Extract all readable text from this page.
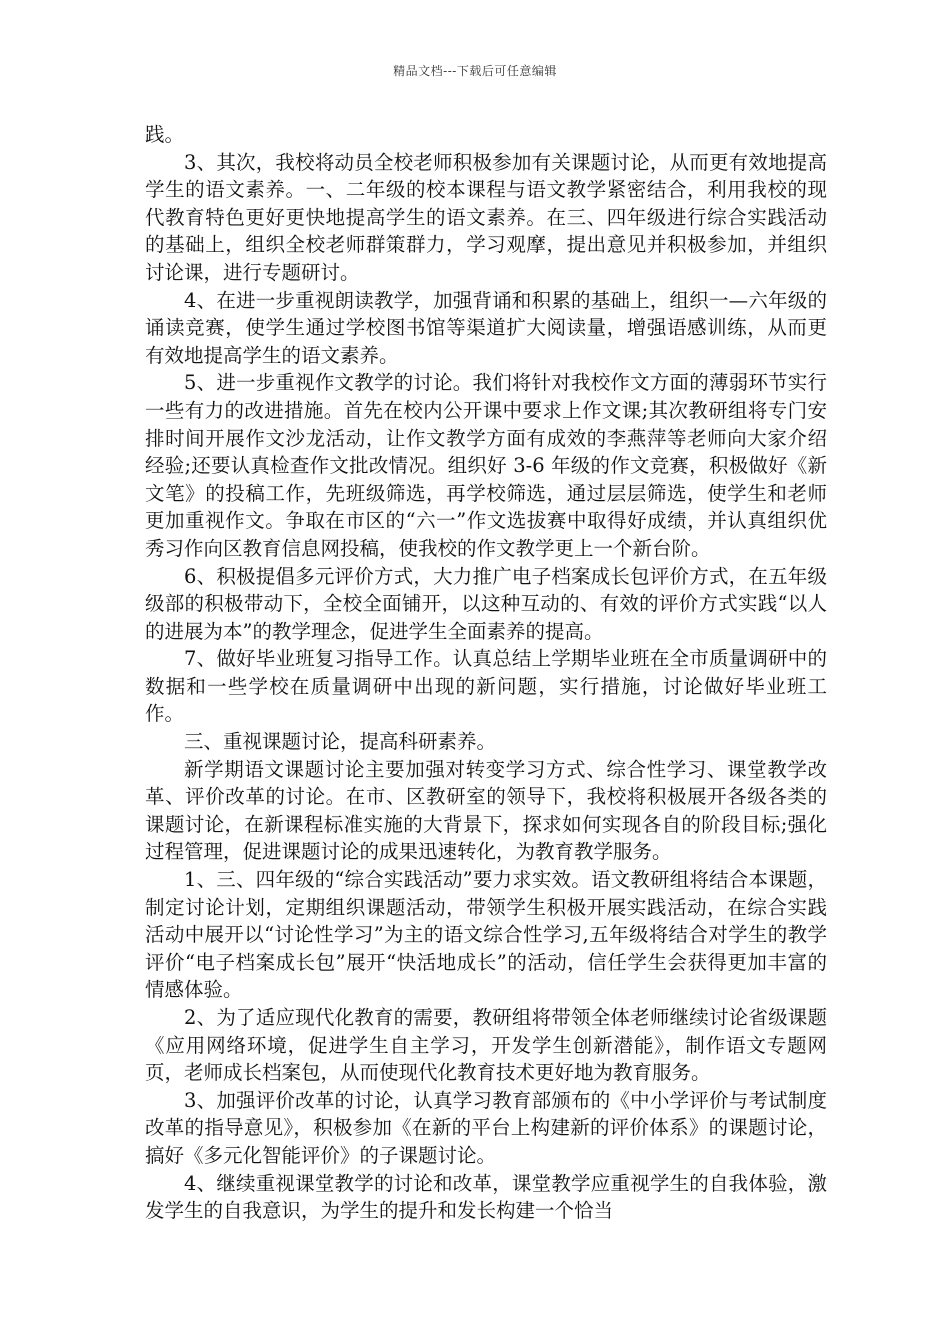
精品文档---下载后可任意编辑

践。

3、其次，我校将动员全校老师积极参加有关课题讨论，从而更有效地提高学生的语文素养。一、二年级的校本课程与语文教学紧密结合，利用我校的现代教育特色更好更快地提高学生的语文素养。在三、四年级进行综合实践活动的基础上，组织全校老师群策群力，学习观摩，提出意见并积极参加，并组织讨论课，进行专题研讨。

4、在进一步重视朗读教学，加强背诵和积累的基础上，组织一—六年级的诵读竞赛，使学生通过学校图书馆等渠道扩大阅读量，增强语感训练，从而更有效地提高学生的语文素养。

5、进一步重视作文教学的讨论。我们将针对我校作文方面的薄弱环节实行一些有力的改进措施。首先在校内公开课中要求上作文课;其次教研组将专门安排时间开展作文沙龙活动，让作文教学方面有成效的李燕萍等老师向大家介绍经验;还要认真检查作文批改情况。组织好 3-6 年级的作文竞赛，积极做好《新文笔》的投稿工作，先班级筛选，再学校筛选，通过层层筛选，使学生和老师更加重视作文。争取在市区的“六一”作文选拔赛中取得好成绩，并认真组织优秀习作向区教育信息网投稿，使我校的作文教学更上一个新台阶。

6、积极提倡多元评价方式，大力推广电子档案成长包评价方式，在五年级级部的积极带动下，全校全面铺开，以这种互动的、有效的评价方式实践“以人的进展为本”的教学理念，促进学生全面素养的提高。

7、做好毕业班复习指导工作。认真总结上学期毕业班在全市质量调研中的数据和一些学校在质量调研中出现的新问题，实行措施，讨论做好毕业班工作。

三、重视课题讨论，提高科研素养。

新学期语文课题讨论主要加强对转变学习方式、综合性学习、课堂教学改革、评价改革的讨论。在市、区教研室的领导下，我校将积极展开各级各类的课题讨论，在新课程标准实施的大背景下，探求如何实现各自的阶段目标;强化过程管理，促进课题讨论的成果迅速转化，为教育教学服务。

1、三、四年级的“综合实践活动”要力求实效。语文教研组将结合本课题，制定讨论计划，定期组织课题活动，带领学生积极开展实践活动，在综合实践活动中展开以“讨论性学习”为主的语文综合性学习,五年级将结合对学生的教学评价“电子档案成长包”展开“快活地成长”的活动，信任学生会获得更加丰富的情感体验。

2、为了适应现代化教育的需要，教研组将带领全体老师继续讨论省级课题《应用网络环境，促进学生自主学习，开发学生创新潜能》，制作语文专题网页，老师成长档案包，从而使现代化教育技术更好地为教育服务。

3、加强评价改革的讨论，认真学习教育部颁布的《中小学评价与考试制度改革的指导意见》，积极参加《在新的平台上构建新的评价体系》的课题讨论，搞好《多元化智能评价》的子课题讨论。

4、继续重视课堂教学的讨论和改革，课堂教学应重视学生的自我体验，激发学生的自我意识，为学生的提升和发长构建一个恰当
